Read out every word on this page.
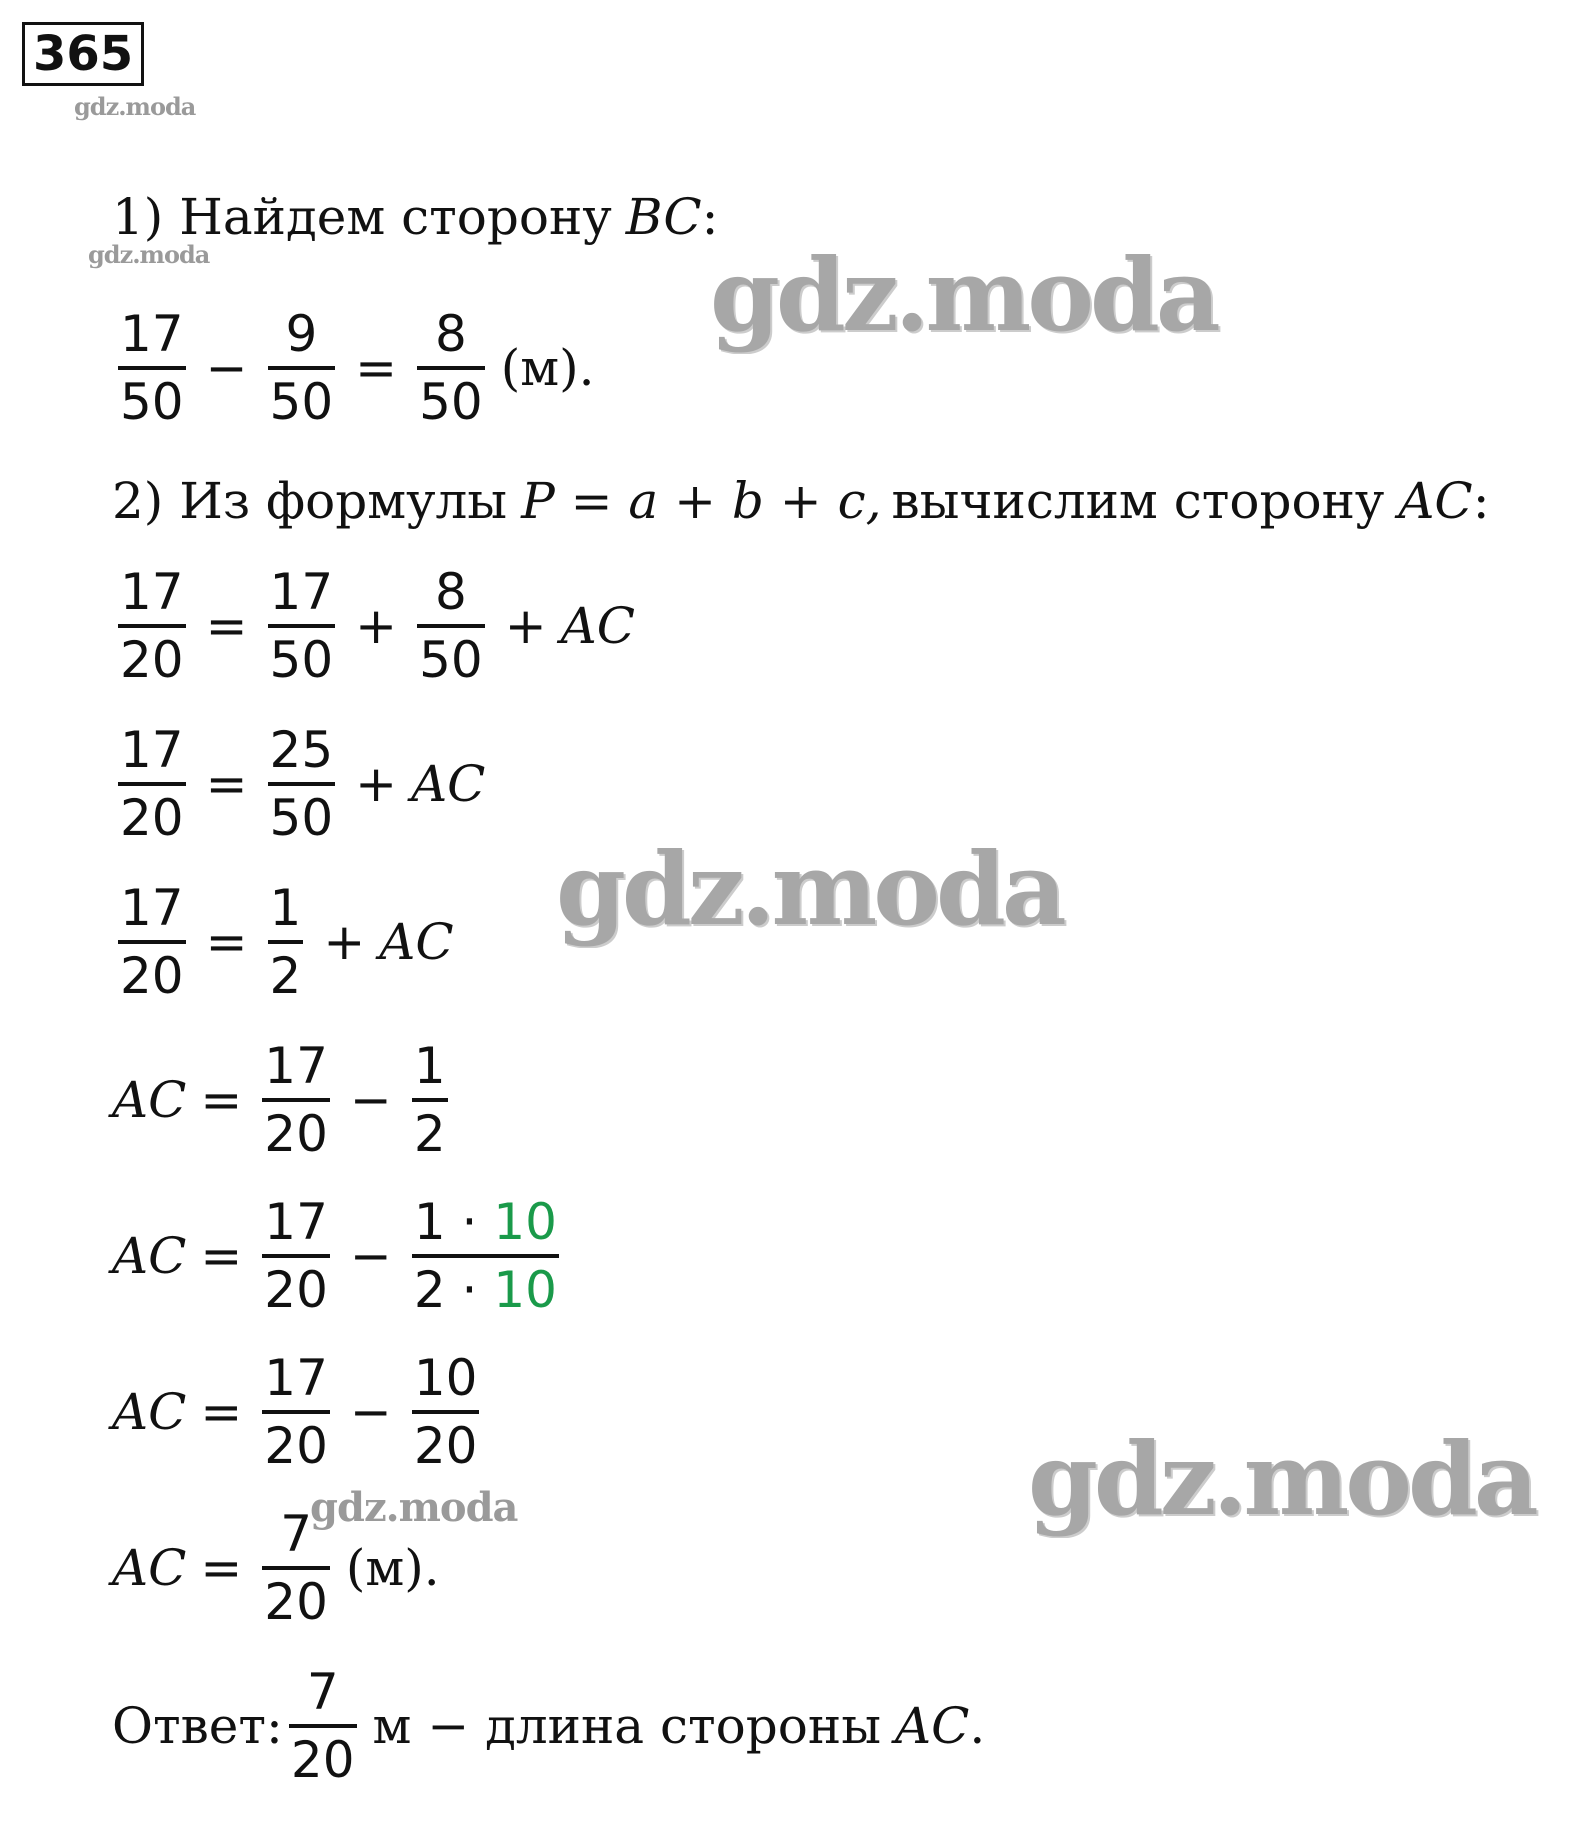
365
gdz.moda
1) Найдем сторону BC :
gdz.moda	gdz.moda
$\frac{17}{50} - \frac{9}{50} = \frac{8}{50} (м)$.
2) Из формулы P = a + b + c, вычислим сторону AC :
$\frac{17}{20} = \frac{17}{50} + \frac{8}{50}$ + AC
$\frac{17}{20} = \frac{25}{50}$ + AC
gdz.moda
$\frac{17}{20} = \frac{1}{2}$ + AC
AC = $\frac{17}{20} - \frac{1}{2}$
AC = $\frac{17}{20} - \frac{1 \cdot 10}{2 \cdot 10}$
AC = $\frac{17}{20} - \frac{10}{20}$
gdz.moda
gdz.moda
AC = $\frac{7}{20} (м)$.
Ответ: $\frac{7}{20}$ м − длина стороны AC .
